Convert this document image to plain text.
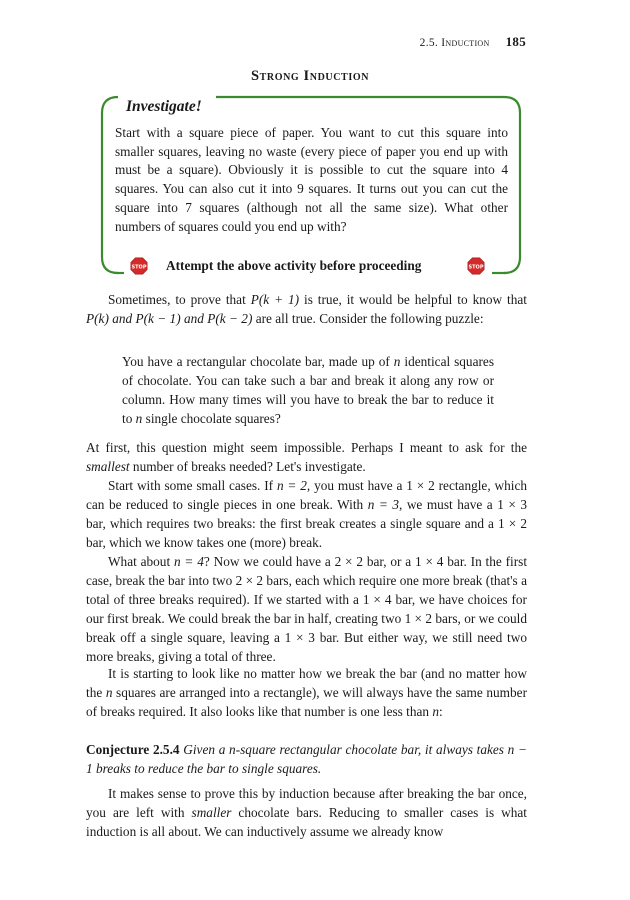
2.5. Induction 185
Strong Induction
Investigate!
Start with a square piece of paper. You want to cut this square into smaller squares, leaving no waste (every piece of paper you end up with must be a square). Obviously it is possible to cut the square into 4 squares. You can also cut it into 9 squares. It turns out you can cut the square into 7 squares (although not all the same size). What other numbers of squares could you end up with?
STOP Attempt the above activity before proceeding	STOP
Sometimes, to prove that P(k + 1) is true, it would be helpful to know that P(k) and P(k − 1) and P(k − 2) are all true. Consider the following puzzle:
You have a rectangular chocolate bar, made up of n identical squares of chocolate. You can take such a bar and break it along any row or column. How many times will you have to break the bar to reduce it to n single chocolate squares?
At first, this question might seem impossible. Perhaps I meant to ask for the smallest number of breaks needed? Let's investigate.
Start with some small cases. If n = 2, you must have a 1 × 2 rectangle, which can be reduced to single pieces in one break. With n = 3, we must have a 1 × 3 bar, which requires two breaks: the first break creates a single square and a 1 × 2 bar, which we know takes one (more) break.
What about n = 4? Now we could have a 2 × 2 bar, or a 1 × 4 bar. In the first case, break the bar into two 2 × 2 bars, each which require one more break (that's a total of three breaks required). If we started with a 1 × 4 bar, we have choices for our first break. We could break the bar in half, creating two 1 × 2 bars, or we could break off a single square, leaving a 1 × 3 bar. But either way, we still need two more breaks, giving a total of three.
It is starting to look like no matter how we break the bar (and no matter how the n squares are arranged into a rectangle), we will always have the same number of breaks required. It also looks like that number is one less than n:
Conjecture 2.5.4 Given a n-square rectangular chocolate bar, it always takes n − 1 breaks to reduce the bar to single squares.
It makes sense to prove this by induction because after breaking the bar once, you are left with smaller chocolate bars. Reducing to smaller cases is what induction is all about. We can inductively assume we already know
